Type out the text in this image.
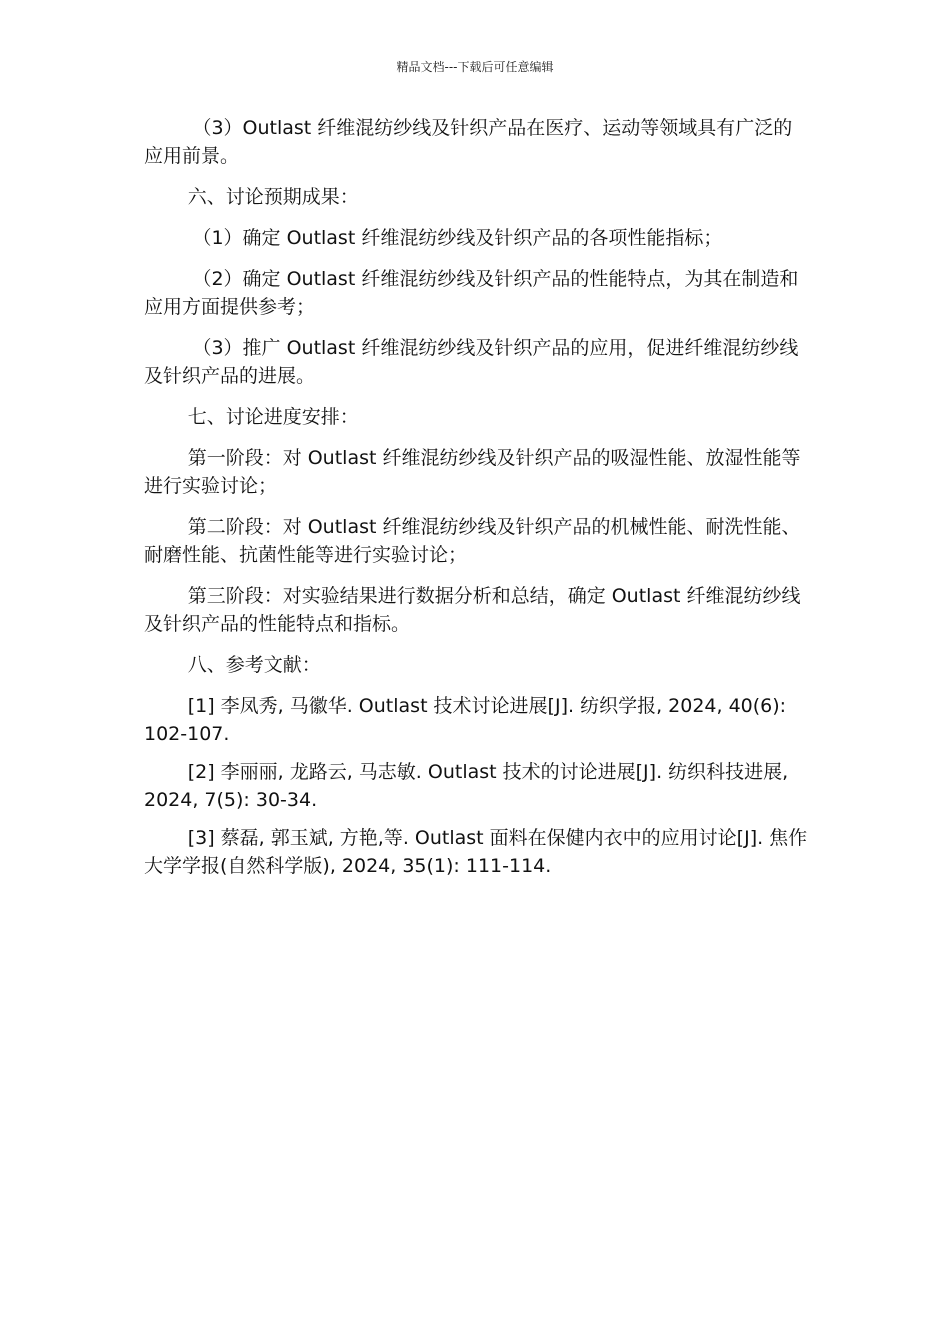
精品文档---下载后可任意编辑

（3）Outlast 纤维混纺纱线及针织产品在医疗、运动等领域具有广泛的应用前景。

六、讨论预期成果：

（1）确定 Outlast 纤维混纺纱线及针织产品的各项性能指标；

（2）确定 Outlast 纤维混纺纱线及针织产品的性能特点，为其在制造和应用方面提供参考；

（3）推广 Outlast 纤维混纺纱线及针织产品的应用，促进纤维混纺纱线及针织产品的进展。

七、讨论进度安排：

第一阶段：对 Outlast 纤维混纺纱线及针织产品的吸湿性能、放湿性能等进行实验讨论；

第二阶段：对 Outlast 纤维混纺纱线及针织产品的机械性能、耐洗性能、耐磨性能、抗菌性能等进行实验讨论；

第三阶段：对实验结果进行数据分析和总结，确定 Outlast 纤维混纺纱线及针织产品的性能特点和指标。

八、参考文献：

[1] 李凤秀, 马徽华. Outlast 技术讨论进展[J]. 纺织学报, 2024, 40(6): 102-107.

[2] 李丽丽, 龙路云, 马志敏. Outlast 技术的讨论进展[J]. 纺织科技进展, 2024, 7(5): 30-34.

[3] 蔡磊, 郭玉斌, 方艳,等. Outlast 面料在保健内衣中的应用讨论[J]. 焦作大学学报(自然科学版), 2024, 35(1): 111-114.
